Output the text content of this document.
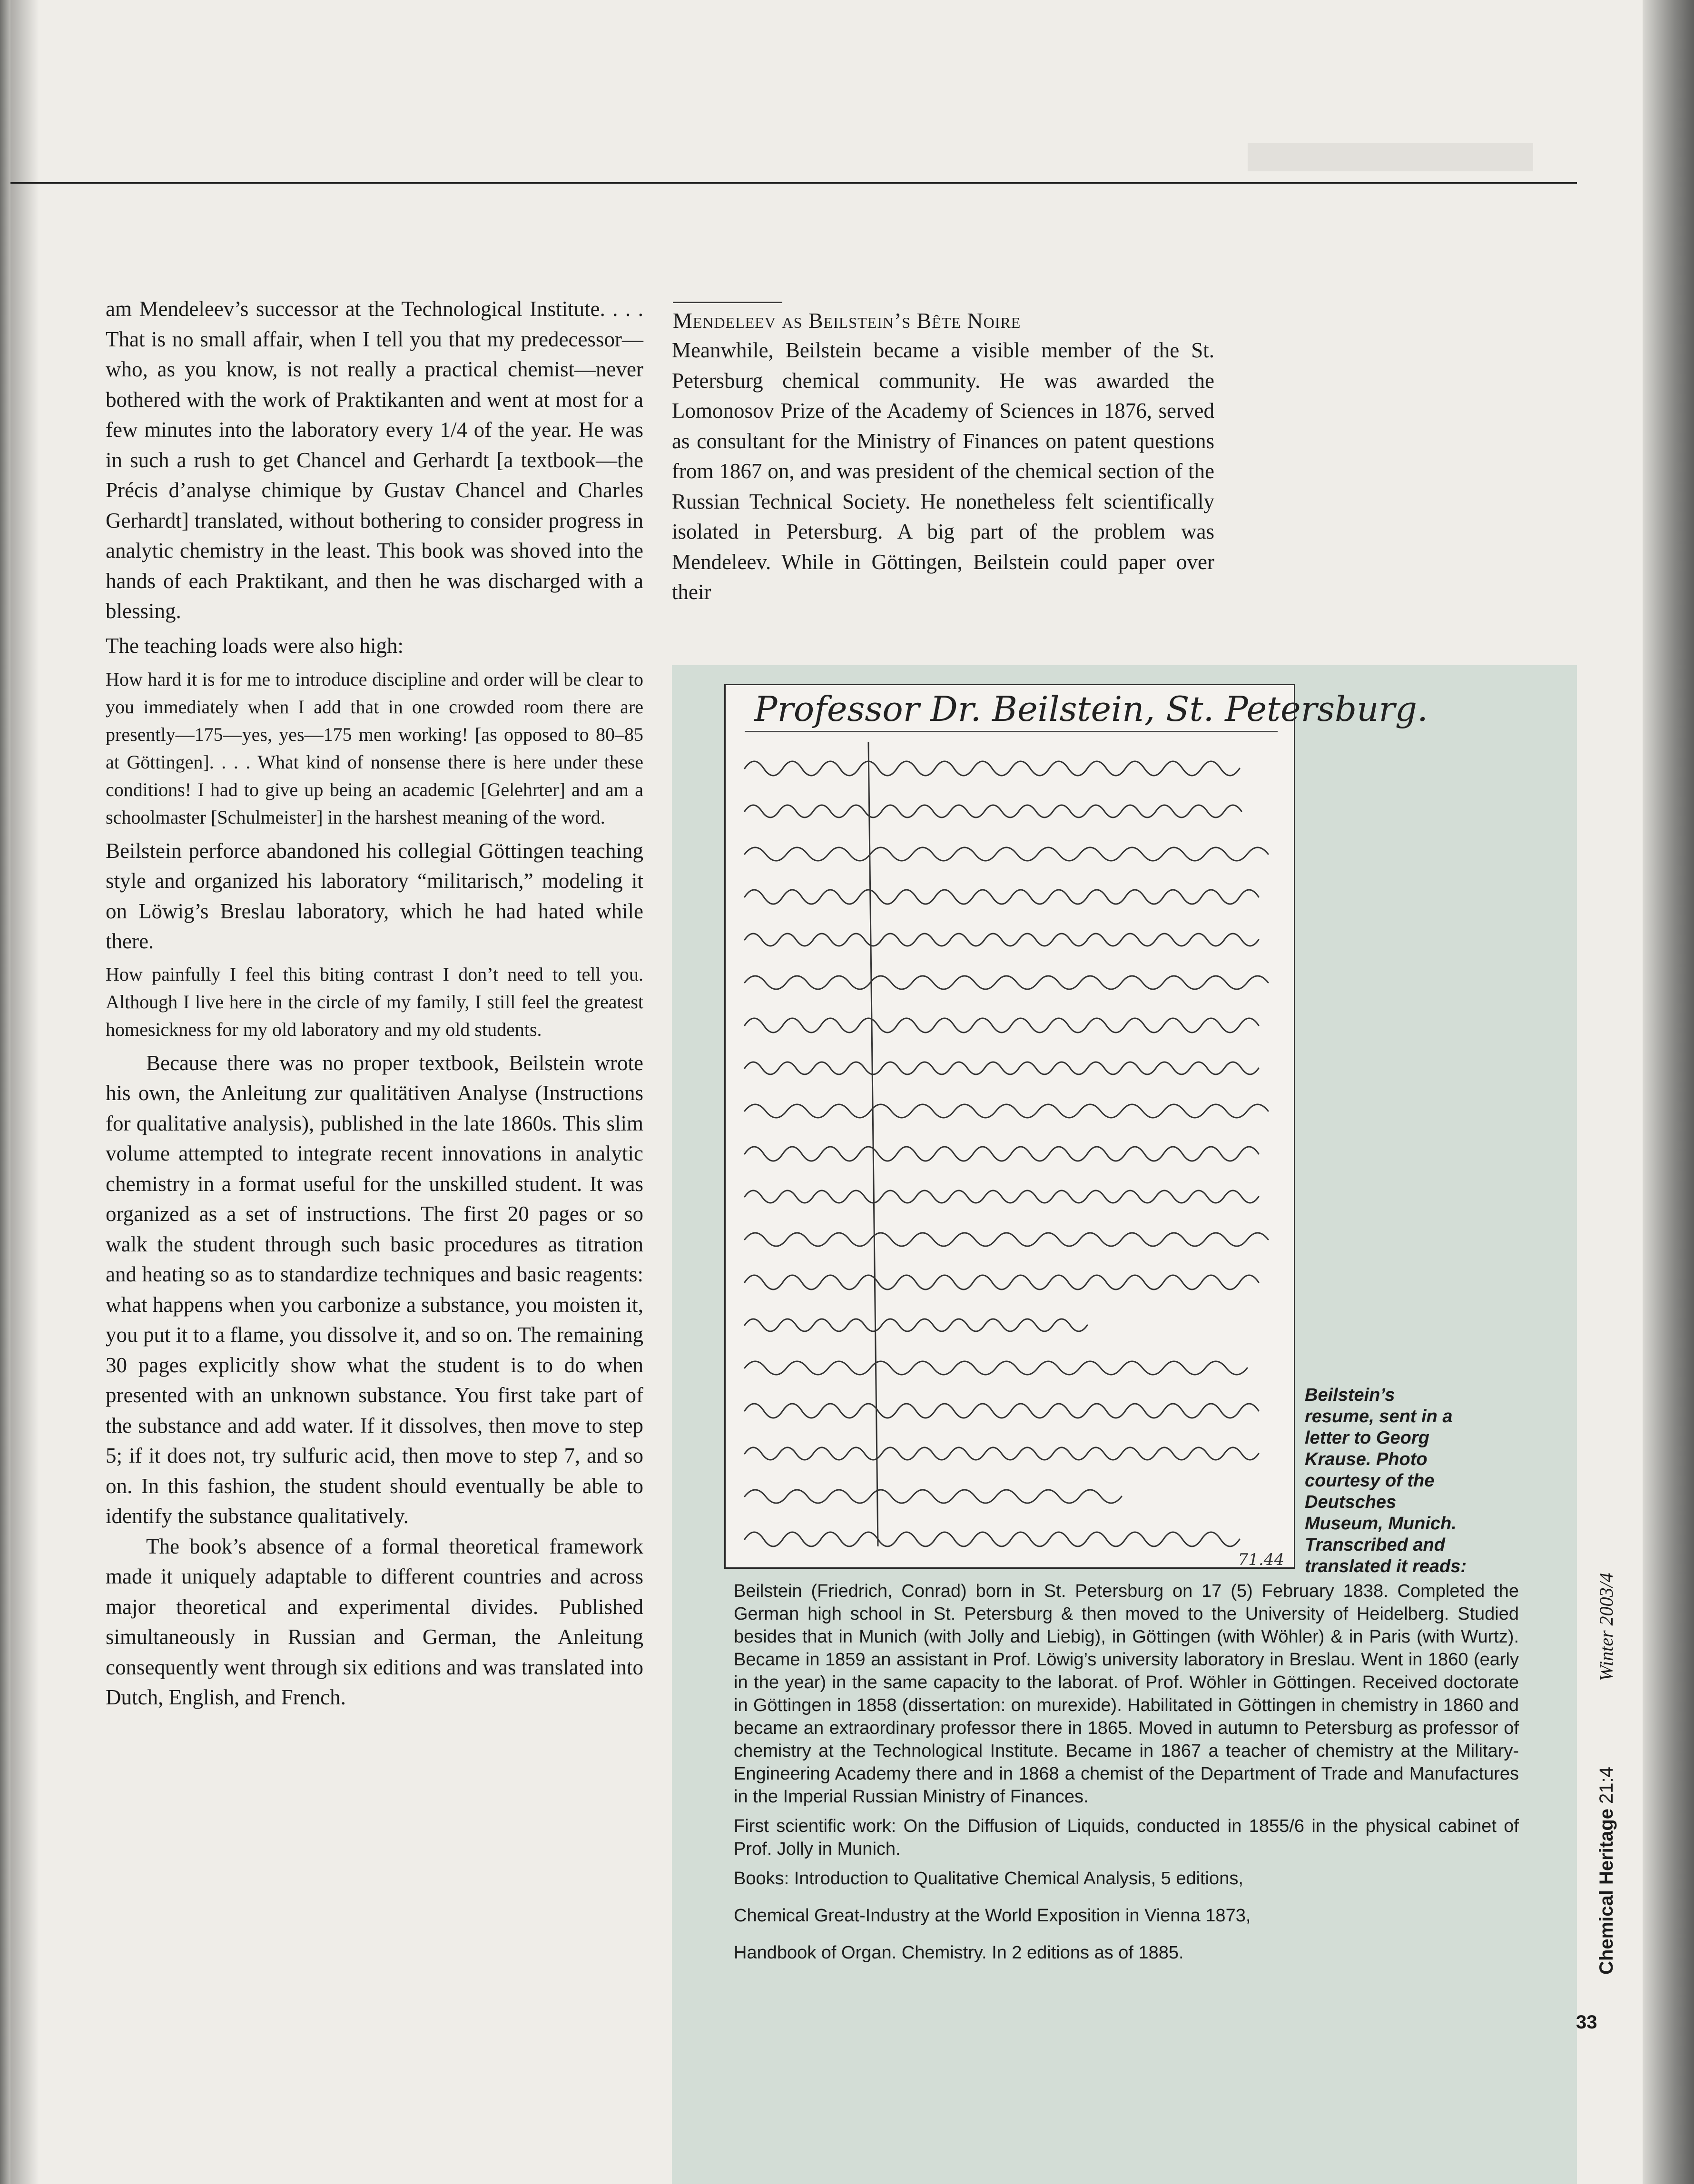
am Mendeleev’s successor at the Technological Institute. . . . That is no small affair, when I tell you that my predecessor—who, as you know, is not really a practical chemist—never bothered with the work of Praktikanten and went at most for a few minutes into the laboratory every 1/4 of the year. He was in such a rush to get Chancel and Gerhardt [a textbook—the Précis d’analyse chimique by Gustav Chancel and Charles Gerhardt] translated, without bothering to consider progress in analytic chemistry in the least. This book was shoved into the hands of each Praktikant, and then he was discharged with a blessing.

The teaching loads were also high:

How hard it is for me to introduce discipline and order will be clear to you immediately when I add that in one crowded room there are presently—175—yes, yes—175 men working! [as opposed to 80–85 at Göttingen]. . . . What kind of nonsense there is here under these conditions! I had to give up being an academic [Gelehrter] and am a schoolmaster [Schulmeister] in the harshest meaning of the word.

Beilstein perforce abandoned his collegial Göttingen teaching style and organized his laboratory “militarisch,” modeling it on Löwig’s Breslau laboratory, which he had hated while there.

How painfully I feel this biting contrast I don’t need to tell you. Although I live here in the circle of my family, I still feel the greatest homesickness for my old laboratory and my old students.

Because there was no proper textbook, Beilstein wrote his own, the Anleitung zur qualitätiven Analyse (Instructions for qualitative analysis), published in the late 1860s. This slim volume attempted to integrate recent innovations in analytic chemistry in a format useful for the unskilled student. It was organized as a set of instructions. The first 20 pages or so walk the student through such basic procedures as titration and heating so as to standardize techniques and basic reagents: what happens when you carbonize a substance, you moisten it, you put it to a flame, you dissolve it, and so on. The remaining 30 pages explicitly show what the student is to do when presented with an unknown substance. You first take part of the substance and add water. If it dissolves, then move to step 5; if it does not, try sulfuric acid, then move to step 7, and so on. In this fashion, the student should eventually be able to identify the substance qualitatively.

The book’s absence of a formal theoretical framework made it uniquely adaptable to different countries and across major theoretical and experimental divides. Published simultaneously in Russian and German, the Anleitung consequently went through six editions and was translated into Dutch, English, and French.

Mendeleev as Beilstein’s Bête Noire

Meanwhile, Beilstein became a visible member of the St. Petersburg chemical community. He was awarded the Lomonosov Prize of the Academy of Sciences in 1876, served as consultant for the Ministry of Finances on patent questions from 1867 on, and was president of the chemical section of the Russian Technical Society. He nonetheless felt scientifically isolated in Petersburg. A big part of the problem was Mendeleev. While in Göttingen, Beilstein could paper over their

Professor Dr. Beilstein, St. Petersburg.
71.44
Beilstein’s resume, sent in a letter to Georg Krause. Photo courtesy of the Deutsches Museum, Munich. Transcribed and translated it reads:

Beilstein (Friedrich, Conrad) born in St. Petersburg on 17 (5) February 1838. Completed the German high school in St. Petersburg & then moved to the University of Heidelberg. Studied besides that in Munich (with Jolly and Liebig), in Göttingen (with Wöhler) & in Paris (with Wurtz). Became in 1859 an assistant in Prof. Löwig’s university laboratory in Breslau. Went in 1860 (early in the year) in the same capacity to the laborat. of Prof. Wöhler in Göttingen. Received doctorate in Göttingen in 1858 (dissertation: on murexide). Habilitated in Göttingen in chemistry in 1860 and became an extraordinary professor there in 1865. Moved in autumn to Petersburg as professor of chemistry at the Technological Institute. Became in 1867 a teacher of chemistry at the Military-Engineering Academy there and in 1868 a chemist of the Department of Trade and Manufactures in the Imperial Russian Ministry of Finances.

First scientific work: On the Diffusion of Liquids, conducted in 1855/6 in the physical cabinet of Prof. Jolly in Munich.

Books: Introduction to Qualitative Chemical Analysis, 5 editions,

Chemical Great-Industry at the World Exposition in Vienna 1873,

Handbook of Organ. Chemistry. In 2 editions as of 1885.	Chemical Heritage 21:4 Winter 2003/4
33
